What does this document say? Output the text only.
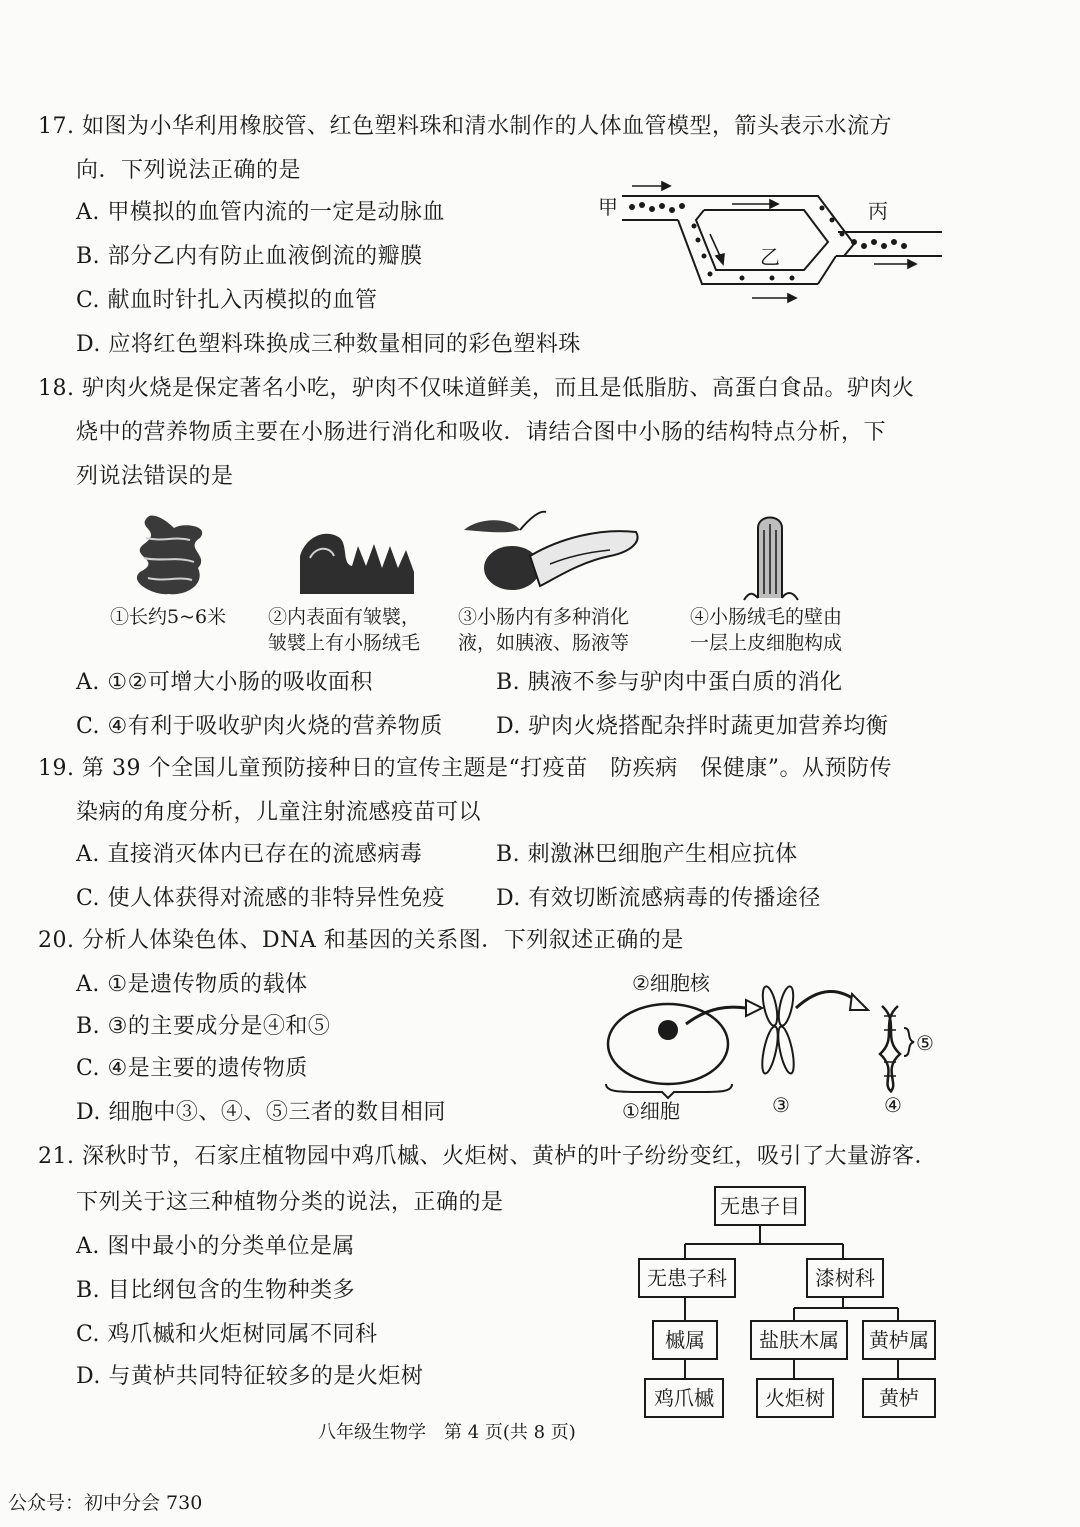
17. 如图为小华利用橡胶管、红色塑料珠和清水制作的人体血管模型，箭头表示水流方
向．下列说法正确的是
A. 甲模拟的血管内流的一定是动脉血
B. 部分乙内有防止血液倒流的瓣膜
C. 献血时针扎入丙模拟的血管
D. 应将红色塑料珠换成三种数量相同的彩色塑料珠
甲
乙
丙
18. 驴肉火烧是保定著名小吃，驴肉不仅味道鲜美，而且是低脂肪、高蛋白食品。驴肉火
烧中的营养物质主要在小肠进行消化和吸收．请结合图中小肠的结构特点分析，下
列说法错误的是
①长约5~6米 ②内表面有皱襞，
皱襞上有小肠绒毛
③小肠内有多种消化
液，如胰液、肠液等
④小肠绒毛的壁由
一层上皮细胞构成
A. ①②可增大小肠的吸收面积	B. 胰液不参与驴肉中蛋白质的消化
C. ④有利于吸收驴肉火烧的营养物质 D. 驴肉火烧搭配杂拌时蔬更加营养均衡
19. 第 39 个全国儿童预防接种日的宣传主题是“打疫苗　防疾病　保健康”。从预防传
染病的角度分析，儿童注射流感疫苗可以
A. 直接消灭体内已存在的流感病毒	B. 刺激淋巴细胞产生相应抗体
C. 使人体获得对流感的非特异性免疫 D. 有效切断流感病毒的传播途径
20. 分析人体染色体、DNA 和基因的关系图．下列叙述正确的是
A. ①是遗传物质的载体
B. ③的主要成分是④和⑤
C. ④是主要的遗传物质
D. 细胞中③、④、⑤三者的数目相同
②细胞核
⑤
①细胞	③	④
21. 深秋时节，石家庄植物园中鸡爪槭、火炬树、黄栌的叶子纷纷变红，吸引了大量游客．
下列关于这三种植物分类的说法，正确的是
A. 图中最小的分类单位是属
B. 目比纲包含的生物种类多
C. 鸡爪槭和火炬树同属不同科
D. 与黄栌共同特征较多的是火炬树
无患子目
无患子科	漆树科
槭属	盐肤木属	黄栌属
鸡爪槭	火炬树	黄栌
八年级生物学　第 4 页(共 8 页)
公众号：初中分会 730
